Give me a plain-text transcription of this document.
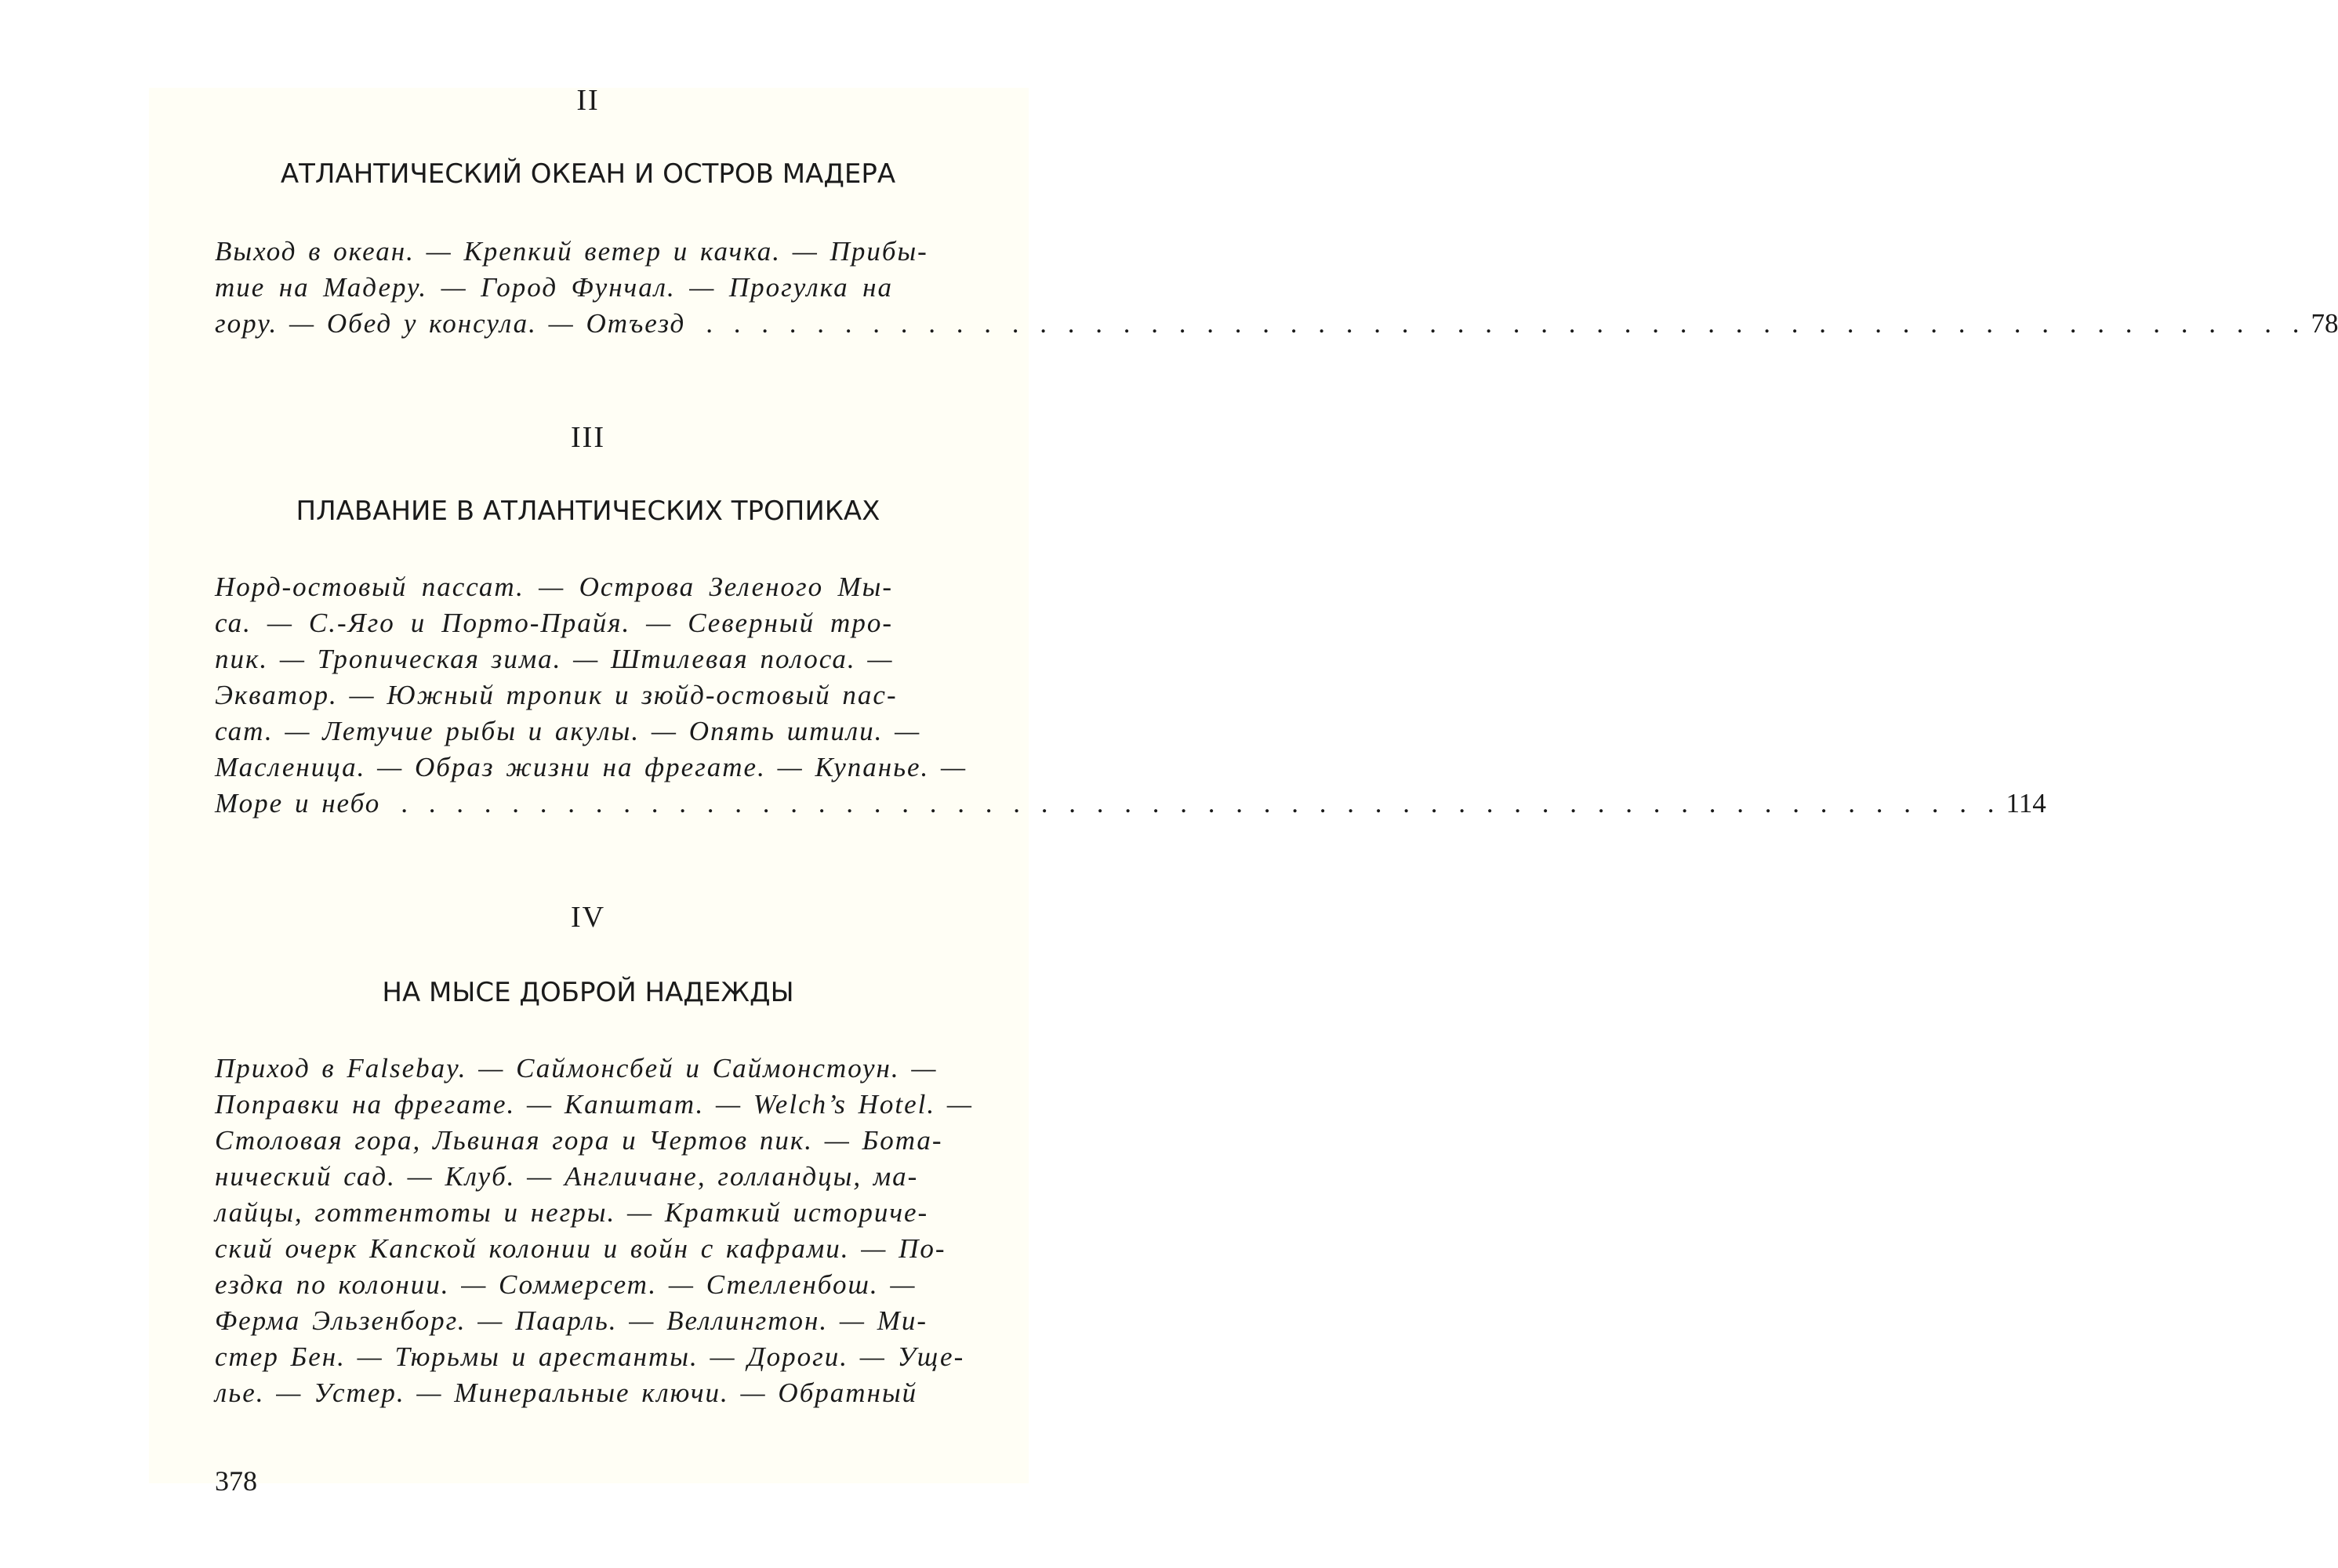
II
АТЛАНТИЧЕСКИЙ ОКЕАН И ОСТРОВ МАДЕРА
Выход в океан. — Крепкий ветер и качка. — Прибы-
тие на Мадеру. — Город Фунчал. — Прогулка на
гору. — Обед у консула. — Отъезд . . . . . . . . . . . . . . . . . . . . . . . . . . . . . . . . . . . . . . . . . . . . . . . . . . . . . . . . . . 78
III
ПЛАВАНИЕ В АТЛАНТИЧЕСКИХ ТРОПИКАХ
Норд-остовый пассат. — Острова Зеленого Мы-
са. — С.-Яго и Порто-Прайя. — Северный тро-
пик. — Тропическая зима. — Штилевая полоса. —
Экватор. — Южный тропик и зюйд-остовый пас-
сат. — Летучие рыбы и акулы. — Опять штили. —
Масленица. — Образ жизни на фрегате. — Купанье. —
Море и небо . . . . . . . . . . . . . . . . . . . . . . . . . . . . . . . . . . . . . . . . . . . . . . . . . . . . . . . . . . 114
IV
НА МЫСЕ ДОБРОЙ НАДЕЖДЫ
Приход в Falsebay. — Саймонсбей и Саймонстоун. —
Поправки на фрегате. — Капштат. — Welch’s Hotel. —
Столовая гора, Львиная гора и Чертов пик. — Бота-
нический сад. — Клуб. — Англичане, голландцы, ма-
лайцы, готтентоты и негры. — Краткий историче-
ский очерк Капской колонии и войн с кафрами. — По-
ездка по колонии. — Соммерсет. — Стелленбош. —
Ферма Эльзенборг. — Паарль. — Веллингтон. — Ми-
стер Бен. — Тюрьмы и арестанты. — Дороги. — Уще-
лье. — Устер. — Минеральные ключи. — Обратный
378
